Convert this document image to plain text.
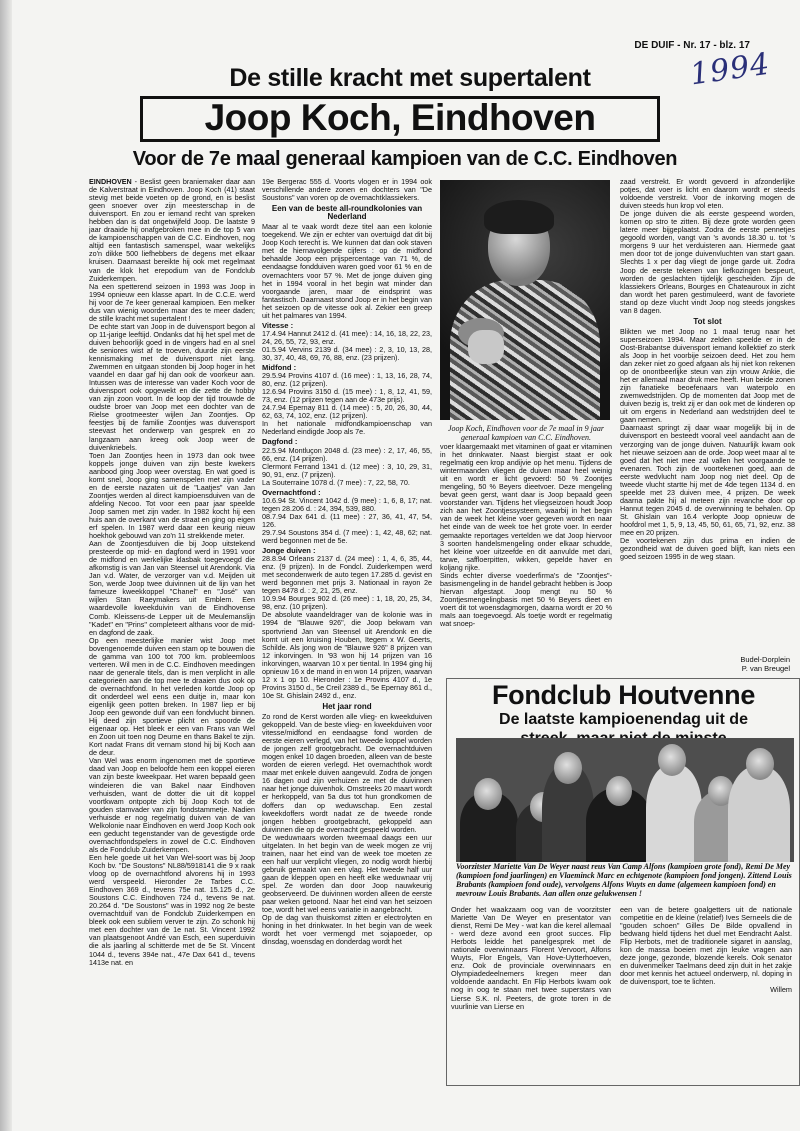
DE DUIF - Nr. 17 - blz. 17
1994
De stille kracht met supertalent
Joop Koch, Eindhoven
Voor de 7e maal generaal kampioen van de C.C. Eindhoven

EINDHOVEN - Beslist geen braniemaker daar aan de Kalverstraat in Eindhoven. Joop Koch (41) staat stevig met beide voeten op de grond, en is beslist geen snoever over zijn meesterschap in de duivensport. En zou er iemand recht van spreken hebben dan is dat ongetwijfeld Joop. De laatste 9 jaar draaide hij onafgebroken mee in de top 5 van de kampioenschappen van de C.C. Eindhoven, nog altijd een fantastisch samenspel, waar wekelijks zo'n dikke 500 liefhebbers de degens met elkaar kruisen. Daarnaast bereikte hij ook met regelmaat van de klok het erepodium van de Fondclub Zuiderkempen.

Na een spetterend seizoen in 1993 was Joop in 1994 opnieuw een klasse apart. In de C.C.E. werd hij voor de 7e keer generaal kampioen. Een melker dus van wienig woorden maar des te meer daden; de stille kracht met supertalent !

De echte start van Joop in de duivensport begon al op 11-jarige leeftijd. Ondanks dat hij het spel met de duiven behoorlijk goed in de vingers had en al snel de seniores wist af te troeven, duurde zijn eerste kennismaking met de duivensport niet lang. Zwemmen en uitgaan stonden bij Joop hoger in het vaandel en daar gaf hij dan ook de voorkeur aan. Intussen was de interesse van vader Koch voor de duivensport ook opgewekt en die zette de hobby van zijn zoon voort. In de loop der tijd trouwde de oudste broer van Joop met een dochter van de Rielse grootmeester wijlen Jan Zoontjes. Op feestjes bij de familie Zoontjes was duivensport steevast het onderwerp van gesprek en zo langzaam aan kreeg ook Joop weer de duivenkriebels.

Toen Jan Zoontjes heen in 1973 dan ook twee koppels jonge duiven van zijn beste kwekers aanbood ging Joop weer overstag. En wat goed is komt snel, Joop ging samenspelen met zijn vader en de eerste nazaten uit de "Laatjes" van Jan Zoontjes werden al direct kampioensduiven van de afdeling Necoo. Tot voor een paar jaar speelde Joop samen met zijn vader. In 1982 kocht hij een huis aan de overkant van de straat en ging op eigen erf spelen. In 1987 werd daar een keurig nieuw hoekhok gebouwd van zo'n 11 strekkende meter.

Aan de Zoontjesduiven die bij Joop uitstekend presteerde op mid- en dagfond werd in 1991 voor de midfond en werkelijke klasbak toegevoegd die afkomstig is van Jan van Steensel uit Arendonk. Via Jan v.d. Water, de verzorger van v.d. Meijden uit Son, werde Joop twee duivinnen uit de lijn van het fameuze kweekkoppel "Chanel" en "José" van wijlen Stan Raeymakers uit Emblem. Een waardevolle kweekduivin van de Eindhovense Comb. Kleissens-de Lepper uit de Meulemanslijn "Kadet" en "Prins" completeert althans voor de mid- en dagfond de zaak.

Op een meesterlijke manier wist Joop met bovengenoemde duiven een stam op te bouwen die de gamma van 100 tot 700 km. probleemloos verteren. Wil men in de C.C. Eindhoven meedingen naar de generale titels, dan is men verplicht in alle categorieën aan de top mee te draaien dus ook op de overnachtfond. In het verleden kortde Joop op dit onderdeel wel eens een duitje in, maar kon eigenlijk geen potten breken. In 1987 liep er bij Joop een gewonde duif van een fondvlucht binnen. Hij deed zijn sportieve plicht en spoorde de eigenaar op. Het bleek er een van Frans van Wel en Zoon uit toen nog Deurne en thans Bakel te zijn. Kort nadat Frans dit vernam stond hij bij Koch aan de deur.

Van Wel was enorm ingenomen met de sportieve daad van Joop en beloofde hem een koppel eieren van zijn beste kweekpaar. Het waren bepaald geen windeieren die van Bakel naar Eindhoven verhuisden, want de dotter die uit dit koppel voortkwam ontpopte zich bij Joop Koch tot de gouden stamvader van zijn fondstammetje. Nadien verhuisde er nog regelmatig duiven van de van Welkolonie naar Eindhoven en werd Joop Koch ook een geducht tegenstander van de gevestigde orde overnachtfondspelers in zowel de C.C. Eindhoven als de Fondclub Zuiderkempen.

Een hele goede uit het Van Wel-soort was bij Joop Koch bv. "De Soustons" NL88/5918141 die 9 x raak vloog op de overnachtfond alvorens hij in 1993 werd verspeeld. Hieronder 2e Tarbes C.C. Eindhoven 369 d., tevens 75e nat. 15.125 d., 2e Soustons C.C. Eindhoven 724 d., tevens 9e nat. 20.264 d. "De Soustons" was in 1992 nog 2e beste overnachtduif van de Fondclub Zuiderkempen en bleek ook een subliem verver te zijn. Zo schonk hij met een dochter van de 1e nat. St. Vincent 1992 van plaatsgenoot André van Esch, een superduivin die als jaarling al schitterde met de 5e St. Vincent 1044 d., tevens 394e nat., 47e Dax 641 d., tevens 1413e nat. en

19e Bergerac 555 d. Voorts vlogen er in 1994 ook verschillende andere zonen en dochters van "De Soustons" van voren op de overnachtklassiekers.

Een van de beste all-roundkolonies van Nederland

Maar al te vaak wordt deze titel aan een kolonie toegekend. We zijn er echter van overtuigd dat dit bij Joop Koch terecht is. We kunnen dat dan ook staven met de hiernavolgende cijfers : op de midfond behaalde Joop een prijspercentage van 71 %, de eendaagse fondduiven waren goed voor 61 % en de overnachters voor 57 %. Met de jonge duiven ging het in 1994 vooral in het begin wat minder dan voorgaande jaren, maar de eindsprint was fantastisch. Daarnaast stond Joop er in het begin van het seizoen op de vitesse ook al. Zekier een greep uit het palmares van 1994.

Vitesse :

17.4.94 Hannut 2412 d. (41 mee) : 14, 16, 18, 22, 23, 24, 26, 55, 72, 93, enz.

01.5.94 Vervins 2139 d. (34 mee) : 2, 3, 10, 13, 28, 30, 37, 40, 48, 69, 76, 88, enz. (23 prijzen).

Midfond :

29.5.94 Provins 4107 d. (16 mee) : 1, 13, 16, 28, 74, 80, enz. (12 prijzen).

12.6.94 Provins 3150 d. (15 mee) : 1, 8, 12, 41, 59, 73, enz. (12 prijzen tegen aan de 473e prijs).

24.7.94 Epernay 811 d. (14 mee) : 5, 20, 26, 30, 44, 62, 63, 74, 102, enz. (12 prijzen).

In het nationale midfondkampioenschap van Nederland eindigde Joop als 7e.

Dagfond :

22.5.94 Montluçon 2048 d. (23 mee) : 2, 17, 46, 55, 66, enz. (14 prijzen).

Clermont Ferrand 1341 d. (12 mee) : 3, 10, 29, 31, 90, 91, enz. (7 prijzen).

La Souterraine 1078 d. (7 mee) : 7, 22, 58, 70.

Overnachtfond :

10.6.94 St. Vincent 1042 d. (9 mee) : 1, 6, 8, 17; nat. tegen 28.206 d. : 24, 394, 539, 880.

08.7.94 Dax 641 d. (11 mee) : 27, 36, 41, 47, 54, 126.

29.7.94 Soustons 354 d. (7 mee) : 1, 42, 48, 62; nat. werd begonnen met de 5e.

Jonge duiven :

28.8.94 Orleans 2137 d. (24 mee) : 1, 4, 6, 35, 44, enz. (9 prijzen). In de Fondcl. Zuiderkempen werd met secondenwerk de auto tegen 17.285 d. gevist en werd begonnen met prijs 3. Nationaal in rayon 2e tegen 8478 d. : 2, 21, 25, enz.

10.9.94 Bourges 902 d. (26 mee) : 1, 18, 20, 25, 34, 98, enz. (10 prijzen).

De absolute vaandeldrager van de kolonie was in 1994 de "Blauwe 926", die Joop bekwam van sportvriend Jan van Steensel uit Arendonk en die komt uit een kruising Houben, Itegem x W. Geerts, Schilde. Als jong won de "Blauwe 926" 8 prijzen van 12 inkorvingen. In '93 won hij 14 prijzen van 16 inkorvingen, waarvan 10 x per tiental. In 1994 ging hij opnieuw 16 x de mand in en won 14 prijzen, waarvan 12 x 1 op 10. Hieronder : 1e Provins 4107 d., 1e Provins 3150 d., 5e Creil 2389 d., 5e Epernay 861 d., 10e St. Ghislain 2492 d., enz.

Het jaar rond

Zo rond de Kerst worden alle vlieg- en kweekduiven gekoppeld. Van de beste vlieg- en kweekduiven voor vitesse/midfond en eendaagse fond worden de eerste eieren verlegd, van het tweede koppel worden de jongen zelf grootgebracht. De overnachtduiven mogen enkel 10 dagen broeden, alleen van de beste worden de eieren verlegd. Het overnachthok wordt maar met enkele duiven aangevuld. Zodra de jongen 16 dagen oud zijn verhuizen ze met de duivinnen naar het jonge duivenhok. Omstreeks 20 maart wordt er herkoppeld, van 5a dus tot hun grondkomen de doffers dan op weduwschap. Een zestal kweekdoffers wordt nadat ze de tweede ronde jongen hebben grootgebracht, gekoppeld aan duivinnen die op de overnacht gespeeld worden.

De weduwnaars worden tweemaal daags een uur uitgelaten. In het begin van de week mogen ze vrij trainen, naar het eind van de week toe moeten ze een half uur verplicht vliegen, zo nodig wordt hierbij gebruik gemaakt van een vlag. Het tweede half uur gaan de kleppen open en heeft elke weduwnaar vrij spel. Ze worden dan door Joop nauwkeurig geobserveerd. De duivinnen worden alleen de eerste paar weken getoond. Naar het eind van het seizoen toe, wordt het wel eens variatie in aangebracht.

Op de dag van thuiskomst zitten er electrolyten en honing in het drinkwater. In het begin van de week wordt het voer vermengd met sojapoeder, op dinsdag, woensdag en donderdag wordt het

Joop Koch, Eindhoven voor de 7e maal in 9 jaar generaal kampioen van C.C. Eindhoven.

voer klaargemaakt met vitaminen of gaat er vitaminen in het drinkwater. Naast biergist staat er ook regelmatig een krop andijvie op het menu. Tijdens de wintermaanden vliegen de duiven maar heel weinig uit en wordt er licht gevoerd: 50 % Zoontjes mengeling, 50 % Beyers dieetvoer. Deze mengeling bevat geen gerst, want daar is Joop bepaald geen voorstander van. Tijdens het vliegseizoen houdt Joop zich aan het Zoontjessysteem, waarbij in het begin van de week het kleine voer gegeven wordt en naar het einde van de week toe het grote voer. In eerder gemaakte reportages vertelden we dat Joop hiervoor 3 soorten handelsmengeling onder elkaar schudde, het kleine voer uitzeefde en dit aanvulde met dari, tarwe, saffloerpitten, wikken, gepelde haver en koljang rijke.

Sinds echter diverse voederfirma's de "Zoontjes"-basismengeling in de handel gebracht hebben is Joop hiervan afgestapt. Joop mengt nu 50 % Zoontjesmengelingbasis met 50 % Beyers dieet en voert dit tot woensdagmorgen, daarna wordt er 20 % maïs aan toegevoegd. Als toetje wordt er regelmatig wat snoep-

zaad verstrekt. Er wordt gevoerd in afzonderlijke potjes, dat voer is licht en daarom wordt er steeds voldoende verstrekt. Voor de inkorving mogen de duiven steeds hun krop vol eten.

De jonge duiven die als eerste gespeend worden, komen op stro te zitten. Bij deze grote worden geen latere meer bijgeplaatst. Zodra de eerste pennetjes gegoold worden, vangt van 's avonds 18.30 u. tot 's morgens 9 uur het verduisteren aan. Hiermede gaat men door tot de jonge duivenvluchten van start gaan. Slechts 1 x per dag vliegt de jonge garde uit. Zodra Joop de eerste tekenen van liefkozingen bespeurt, worden de geslachten tijdelijk gescheiden. Zijn de klassiekers Orleans, Bourges en Chateauroux in zicht dan wordt het paren gestimuleerd, want de favoriete stand op deze vlucht vindt Joop nog steeds jongskes van 8 dagen.

Tot slot

Blikten we met Joop no 1 maal terug naar het superseizoen 1994. Maar zelden speelde er in de Oost-Brabantse duivensport iemand kollektief zo sterk als Joop in het voorbije seizoen deed. Het zou hem dan zeker niet zo goed afgaan als hij niet kon rekenen op de onontbeerlijke steun van zijn vrouw Ankie, die het er allemaal maar druk mee heeft. Hun beide zonen zijn fanatieke beoefenaars van waterpolo en zwemwedstrijden. Op de momenten dat Joop met de duiven bezig is, trekt zij er dan ook met de kinderen op uit om ergens in Nederland aan wedstrijden deel te gaan nemen.

Daarnaast springt zij daar waar mogelijk bij in de duivensport en besteedt vooral veel aandacht aan de verzorging van de jonge duiven. Natuurlijk kwam ook het nieuwe seizoen aan de orde. Joop weet maar al te goed dat het niet mee zal vallen het voorgaande te evenaren. Toch zijn de voortekenen goed, aan de eerste wedvlucht nam Joop nog niet deel. Op de tweede vlucht startte hij met de 4de tegen 1134 d. en speelde met 23 duiven mee, 4 prijzen. De week daarna pakte hij al meteen zijn revanche door op Hannut tegen 2045 d. de overwinning te behalen. Op St. Ghislain van 16.4 verlopte Joop opnieuw de hoofdrol met 1, 5, 9, 13, 45, 50, 61, 65, 71, 92, enz. 38 mee en 20 prijzen.

De voortekenen zijn dus prima en indien de gezondheid wat de duiven goed blijft, kan niets een goed seizoen 1995 in de weg staan.

Budel-Dorplein
P. van Breugel
Fondclub Houtvenne
De laatste kampioenendag uit de
Voorzitster Mariette Van De Weyer naast reus Van Camp Alfons (kampioen grote fond), Remi De Mey (kampioen fond jaarlingen) en Vlaeminck Marc en echtgenote (kampioen fond jongen). Zittend Louis Brabants (kampioen fond oude), vervolgens Alfons Wuyts en dame (algemeen kampioen fond) en mevrouw Louis Brabants. Aan allen onze gelukwensen !
Onder het waakzaam oog van de voorzitster Mariette Van De Weyer en presentator van dienst, Remi De Mey - wat kan die kerel allemaal - werd deze avond een groot succes. Flip Herbots leidde het panelgesprek met de nationale overwinnaars Florent Vervoort, Alfons Wuyts, Flor Engels, Van Hove-Uytterhoeven, enz. Ook de provinciale overwinnaars en Olympiadedeelnemers kregen meer dan voldoende aandacht. En Flip Herbots kwam ook nog in oog te staan met twee superstars van Lierse S.K. nl. Peeters, de grote toren in de vuurlinie van Lierse en

een van de betere goalgetters uit de nationale competitie en de kleine (relatief) Ives Serneels die de "gouden schoen" Gilles De Bilde opvallend in bedwang hield tijdens het duel met Eendracht Aalst. Flip Herbots, met de traditionele sigaret in aanslag, kon de massa boeien met zijn leuke vragen aan deze jonge, gezonde, blozende kerels. Ook senator en duivenmelker Taelmans deed zijn duit in het zakje door met kennis het actueel onderwerp, nl. doping in de duivensport, toe te lichten.

Willem
